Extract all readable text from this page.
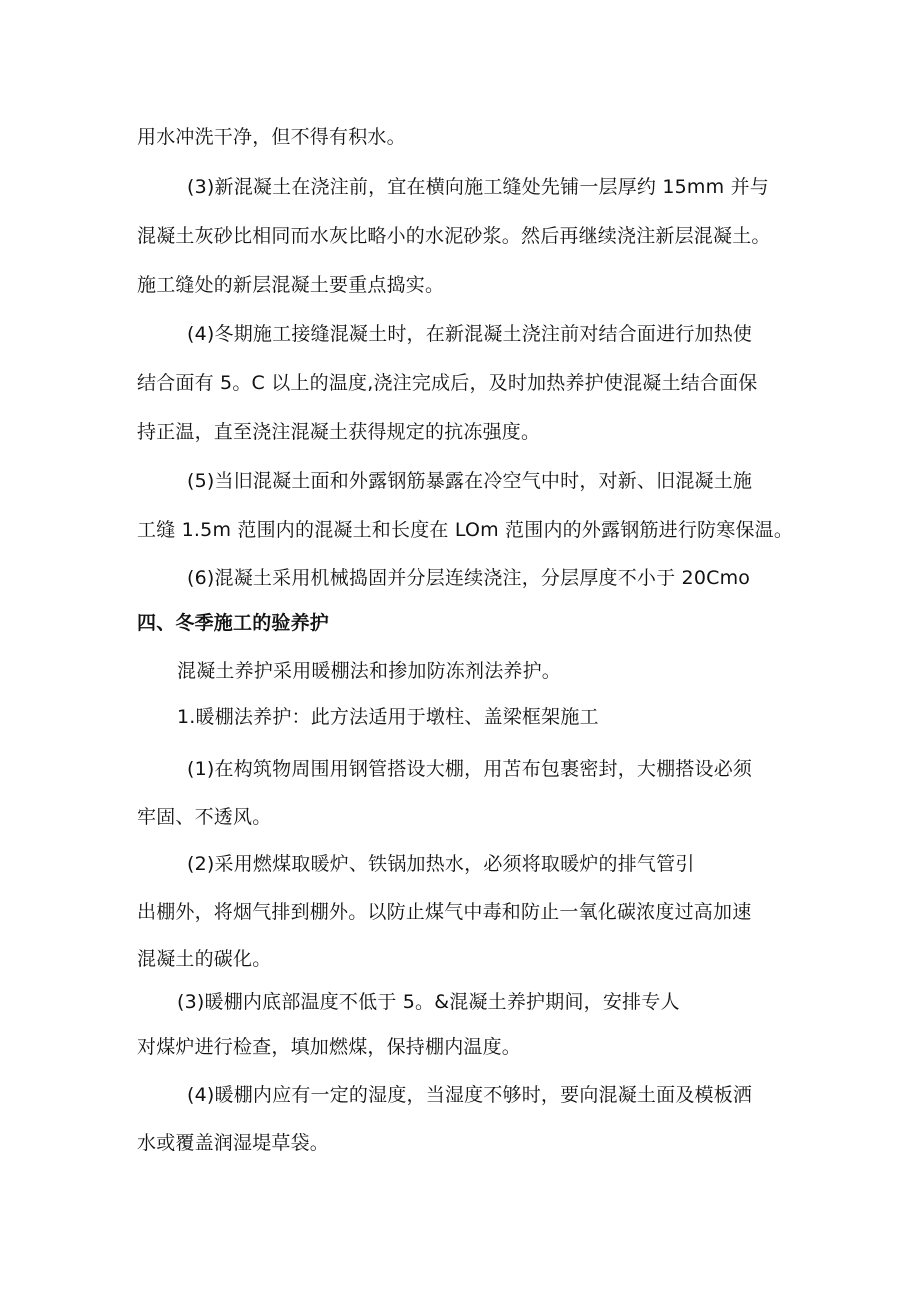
用水冲洗干净，但不得有积水。
(3)新混凝土在浇注前，宜在横向施工缝处先铺一层厚约 15mm 并与
混凝土灰砂比相同而水灰比略小的水泥砂浆。然后再继续浇注新层混凝土。
施工缝处的新层混凝土要重点捣实。
(4)冬期施工接缝混凝土时，在新混凝土浇注前对结合面进行加热使
结合面有 5。C 以上的温度,浇注完成后，及时加热养护使混凝土结合面保
持正温，直至浇注混凝土获得规定的抗冻强度。
(5)当旧混凝土面和外露钢筋暴露在冷空气中时，对新、旧混凝土施
工缝 1.5m 范围内的混凝土和长度在 LOm 范围内的外露钢筋进行防寒保温。
(6)混凝土采用机械捣固并分层连续浇注，分层厚度不小于 20Cmo
四、冬季施工的验养护
混凝土养护采用暖棚法和掺加防冻剂法养护。
1.暖棚法养护：此方法适用于墩柱、盖梁框架施工
(1)在构筑物周围用钢管搭设大棚，用苫布包裹密封，大棚搭设必须
牢固、不透风。
(2)采用燃煤取暖炉、铁锅加热水，必须将取暖炉的排气管引
出棚外，将烟气排到棚外。以防止煤气中毒和防止一氧化碳浓度过高加速
混凝土的碳化。
(3)暖棚内底部温度不低于 5。&混凝土养护期间，安排专人
对煤炉进行检查，填加燃煤，保持棚内温度。
(4)暖棚内应有一定的湿度，当湿度不够时，要向混凝土面及模板洒
水或覆盖润湿堤草袋。
